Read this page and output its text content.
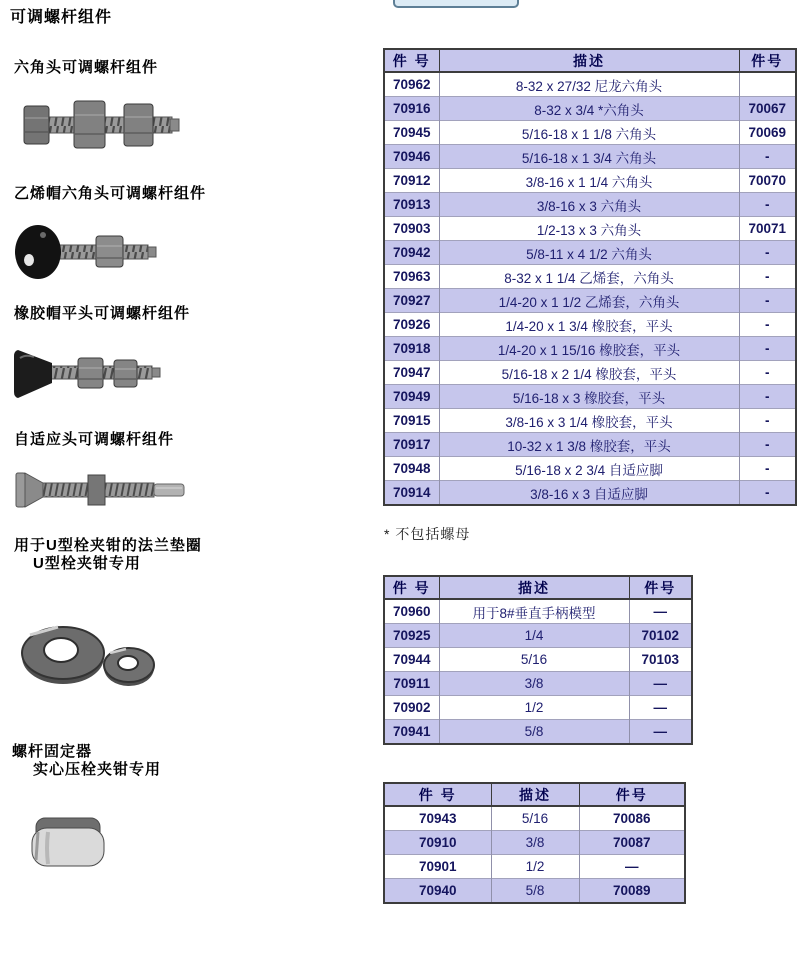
可调螺杆组件
六角头可调螺杆组件
乙烯帽六角头可调螺杆组件
橡胶帽平头可调螺杆组件
自适应头可调螺杆组件
用于U型栓夹钳的法兰垫圈
U型栓夹钳专用
螺杆固定器
实心压栓夹钳专用
件 号	描述	件号
70962	8-32 x 27/32 尼龙六角头	
70916	8-32 x 3/4 *六角头	70067
70945	5/16-18 x 1 1/8 六角头	70069
70946	5/16-18 x 1 3/4 六角头	-
70912	3/8-16 x 1 1/4 六角头	70070
70913	3/8-16 x 3 六角头	-
70903	1/2-13 x 3 六角头	70071
70942	5/8-11 x 4 1/2 六角头	-
70963	8-32 x 1 1/4 乙烯套，六角头	-
70927	1/4-20 x 1 1/2 乙烯套，六角头	-
70926	1/4-20 x 1 3/4 橡胶套，平头	-
70918	1/4-20 x 1 15/16 橡胶套，平头	-
70947	5/16-18 x 2 1/4 橡胶套，平头	-
70949	5/16-18 x 3 橡胶套，平头	-
70915	3/8-16 x 3 1/4 橡胶套，平头	-
70917	10-32 x 1 3/8 橡胶套，平头	-
70948	5/16-18 x 2 3/4 自适应脚	-
70914	3/8-16 x 3 自适应脚	-
* 不包括螺母
件 号	描述	件号
70960	用于8#垂直手柄模型	—
70925	1/4	70102
70944	5/16	70103
70911	3/8	—
70902	1/2	—
70941	5/8	—
件 号	描述	件号
70943	5/16	70086
70910	3/8	70087
70901	1/2	—
70940	5/8	70089
